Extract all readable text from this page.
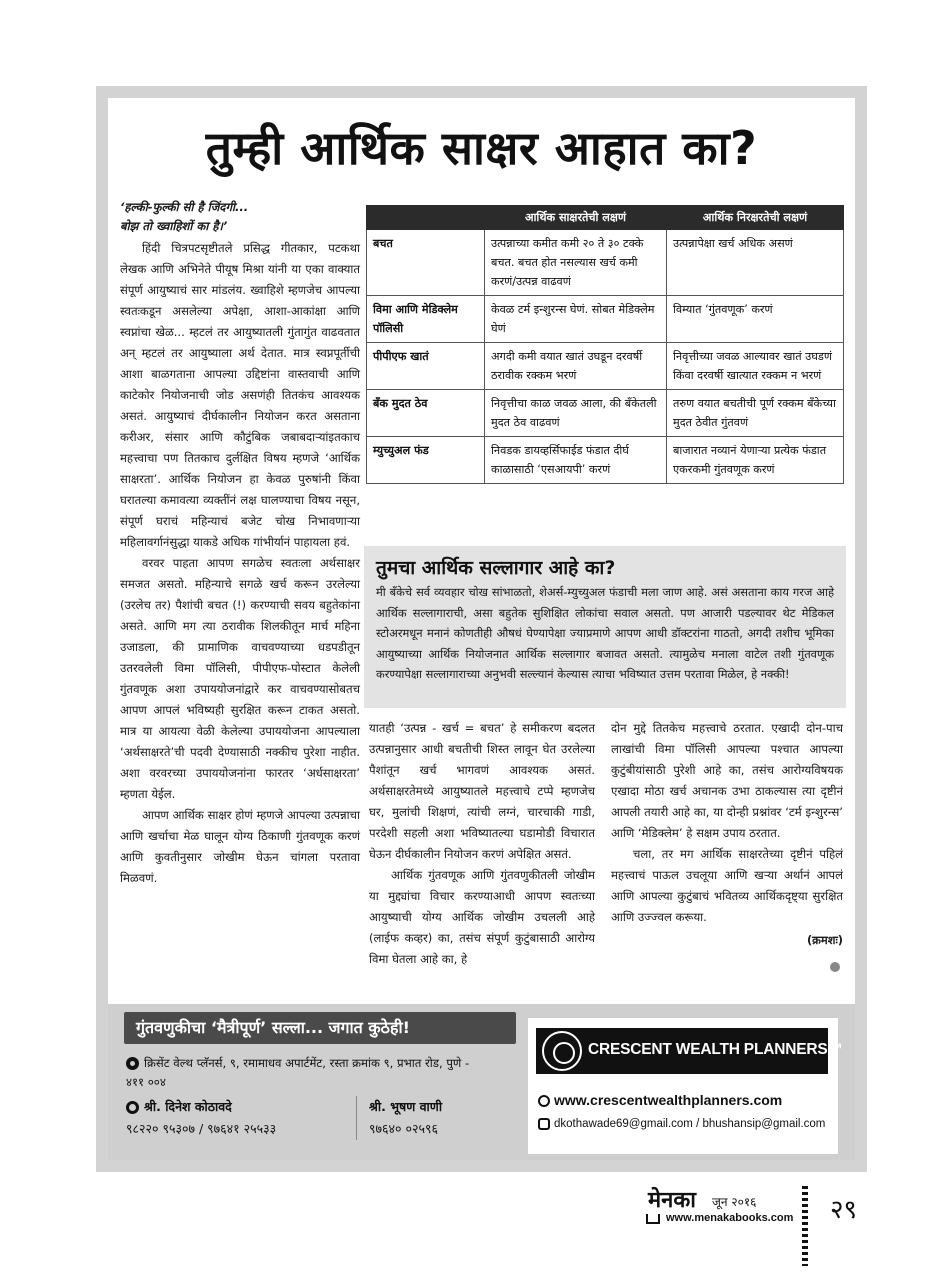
तुम्ही आर्थिक साक्षर आहात का?
‘हल्की-फुल्की सी है जिंदगी...
बोझ तो ख्वाहिशों का है।’

हिंदी चित्रपटसृष्टीतले प्रसिद्ध गीतकार, पटकथा लेखक आणि अभिनेते पीयूष मिश्रा यांनी या एका वाक्यात संपूर्ण आयुष्याचं सार मांडलंय. ख्वाहिशे म्हणजेच आपल्या स्वतःकडून असलेल्या अपेक्षा, आशा-आकांक्षा आणि स्वप्नांचा खेळ... म्हटलं तर आयुष्यातली गुंतागुंत वाढवतात अन् म्हटलं तर आयुष्याला अर्थ देतात. मात्र स्वप्नपूर्तीची आशा बाळगताना आपल्या उद्दिष्टांना वास्तवाची आणि काटेकोर नियोजनाची जोड असणंही तितकंच आवश्यक असतं. आयुष्याचं दीर्घकालीन नियोजन करत असताना करीअर, संसार आणि कौटुंबिक जबाबदाऱ्यांइतकाच महत्त्वाचा पण तितकाच दुर्लक्षित विषय म्हणजे ‘आर्थिक साक्षरता’. आर्थिक नियोजन हा केवळ पुरुषांनी किंवा घरातल्या कमावत्या व्यक्तींनं लक्ष घालण्याचा विषय नसून, संपूर्ण घराचं महिन्याचं बजेट चोख निभावणाऱ्या महिलावर्गानंसुद्धा याकडे अधिक गांभीर्यानं पाहायला हवं.

वरवर पाहता आपण सगळेच स्वतःला अर्थसाक्षर समजत असतो. महिन्याचे सगळे खर्च करून उरलेल्या (उरलेच तर) पैशांची बचत (!) करण्याची सवय बहुतेकांना असते. आणि मग त्या ठरावीक शिलकीतून मार्च महिना उजाडला, की प्रामाणिक वाचवण्याच्या धडपडीतून उतरवलेली विमा पॉलिसी, पीपीएफ-पोस्टात केलेली गुंतवणूक अशा उपाययोजनांद्वारे कर वाचवण्यासोबतच आपण आपलं भविष्यही सुरक्षित करून टाकत असतो. मात्र या आयत्या वेळी केलेल्या उपाययोजना आपल्याला ‘अर्थसाक्षरते’ची पदवी देण्यासाठी नक्कीच पुरेशा नाहीत. अशा वरवरच्या उपाययोजनांना फारतर ‘अर्धसाक्षरता’ म्हणता येईल.

आपण आर्थिक साक्षर होणं म्हणजे आपल्या उत्पन्नाचा आणि खर्चाचा मेळ घालून योग्य ठिकाणी गुंतवणूक करणं आणि कुवतीनुसार जोखीम घेऊन चांगला परतावा मिळवणं.

	आर्थिक साक्षरतेची लक्षणं	आर्थिक निरक्षरतेची लक्षणं
बचत	उत्पन्नाच्या कमीत कमी २० ते ३० टक्के बचत. बचत होत नसल्यास खर्च कमी करणं/उत्पन्न वाढवणं	उत्पन्नापेक्षा खर्च अधिक असणं
विमा आणि मेडिक्लेम पॉलिसी	केवळ टर्म इन्शुरन्स घेणं. सोबत मेडिक्लेम घेणं	विम्यात ‘गुंतवणूक’ करणं
पीपीएफ खातं	अगदी कमी वयात खातं उघडून दरवर्षी ठरावीक रक्कम भरणं	निवृत्तीच्या जवळ आल्यावर खातं उघडणं किंवा दरवर्षी खात्यात रक्कम न भरणं
बँक मुदत ठेव	निवृत्तीचा काळ जवळ आला, की बँकेतली मुदत ठेव वाढवणं	तरुण वयात बचतीची पूर्ण रक्कम बँकेच्या मुदत ठेवीत गुंतवणं
म्युच्युअल फंड	निवडक डायव्हर्सिफाईड फंडात दीर्घ काळासाठी ‘एसआयपी’ करणं	बाजारात नव्यानं येणाऱ्या प्रत्येक फंडात एकरकमी गुंतवणूक करणं
तुमचा आर्थिक सल्लागार आहे का?
मी बँकेचे सर्व व्यवहार चोख सांभाळतो, शेअर्स-म्युच्युअल फंडाची मला जाण आहे. असं असताना काय गरज आहे आर्थिक सल्लागाराची, असा बहुतेक सुशिक्षित लोकांचा सवाल असतो. पण आजारी पडल्यावर थेट मेडिकल स्टोअरमधून मनानं कोणतीही औषधं घेण्यापेक्षा ज्याप्रमाणे आपण आधी डॉक्टरांना गाठतो, अगदी तशीच भूमिका आयुष्याच्या आर्थिक नियोजनात आर्थिक सल्लागार बजावत असतो. त्यामुळेच मनाला वाटेल तशी गुंतवणूक करण्यापेक्षा सल्लागाराच्या अनुभवी सल्ल्यानं केल्यास त्याचा भविष्यात उत्तम परतावा मिळेल, हे नक्की!

यातही ‘उत्पन्न - खर्च = बचत’ हे समीकरण बदलत उत्पन्नानुसार आधी बचतीची शिस्त लावून घेत उरलेल्या पैशांतून खर्च भागवणं आवश्यक असतं. अर्थसाक्षरतेमध्ये आयुष्यातले महत्त्वाचे टप्पे म्हणजेच घर, मुलांची शिक्षणं, त्यांची लग्नं, चारचाकी गाडी, परदेशी सहली अशा भविष्यातल्या घडामोडी विचारात घेऊन दीर्घकालीन नियोजन करणं अपेक्षित असतं.

आर्थिक गुंतवणूक आणि गुंतवणुकीतली जोखीम या मुद्द्यांचा विचार करण्याआधी आपण स्वतःच्या आयुष्याची योग्य आर्थिक जोखीम उचलली आहे (लाईफ कव्हर) का, तसंच संपूर्ण कुटुंबासाठी आरोग्य विमा घेतला आहे का, हे

दोन मुद्दे तितकेच महत्त्वाचे ठरतात. एखादी दोन-पाच लाखांची विमा पॉलिसी आपल्या पश्चात आपल्या कुटुंबीयांसाठी पुरेशी आहे का, तसंच आरोग्यविषयक एखादा मोठा खर्च अचानक उभा ठाकल्यास त्या दृष्टीनं आपली तयारी आहे का, या दोन्ही प्रश्नांवर ‘टर्म इन्शुरन्स’ आणि ‘मेडिक्लेम’ हे सक्षम उपाय ठरतात.

चला, तर मग आर्थिक साक्षरतेच्या दृष्टीनं पहिलं महत्त्वाचं पाऊल उचलूया आणि खऱ्या अर्थानं आपलं आणि आपल्या कुटुंबाचं भवितव्य आर्थिकदृष्ट्या सुरक्षित आणि उज्ज्वल करूया.

(क्रमशः)
गुंतवणुकीचा ‘मैत्रीपूर्ण’ सल्ला... जगात कुठेही!
क्रिसेंट वेल्थ प्लॅनर्स, ९, रमामाधव अपार्टमेंट, रस्ता क्रमांक ९, प्रभात रोड, पुणे - ४११ ००४
श्री. दिनेश कोठावदे
९८२२० ९५३०७ / ९७६४१ २५५३३
श्री. भूषण वाणी
९७६४० ०२५९६
CRESCENT WEALTH PLANNERS™
www.crescentwealthplanners.com
dkothawade69@gmail.com / bhushansip@gmail.com
मेनका जून २०१६
www.menakabooks.com २९
